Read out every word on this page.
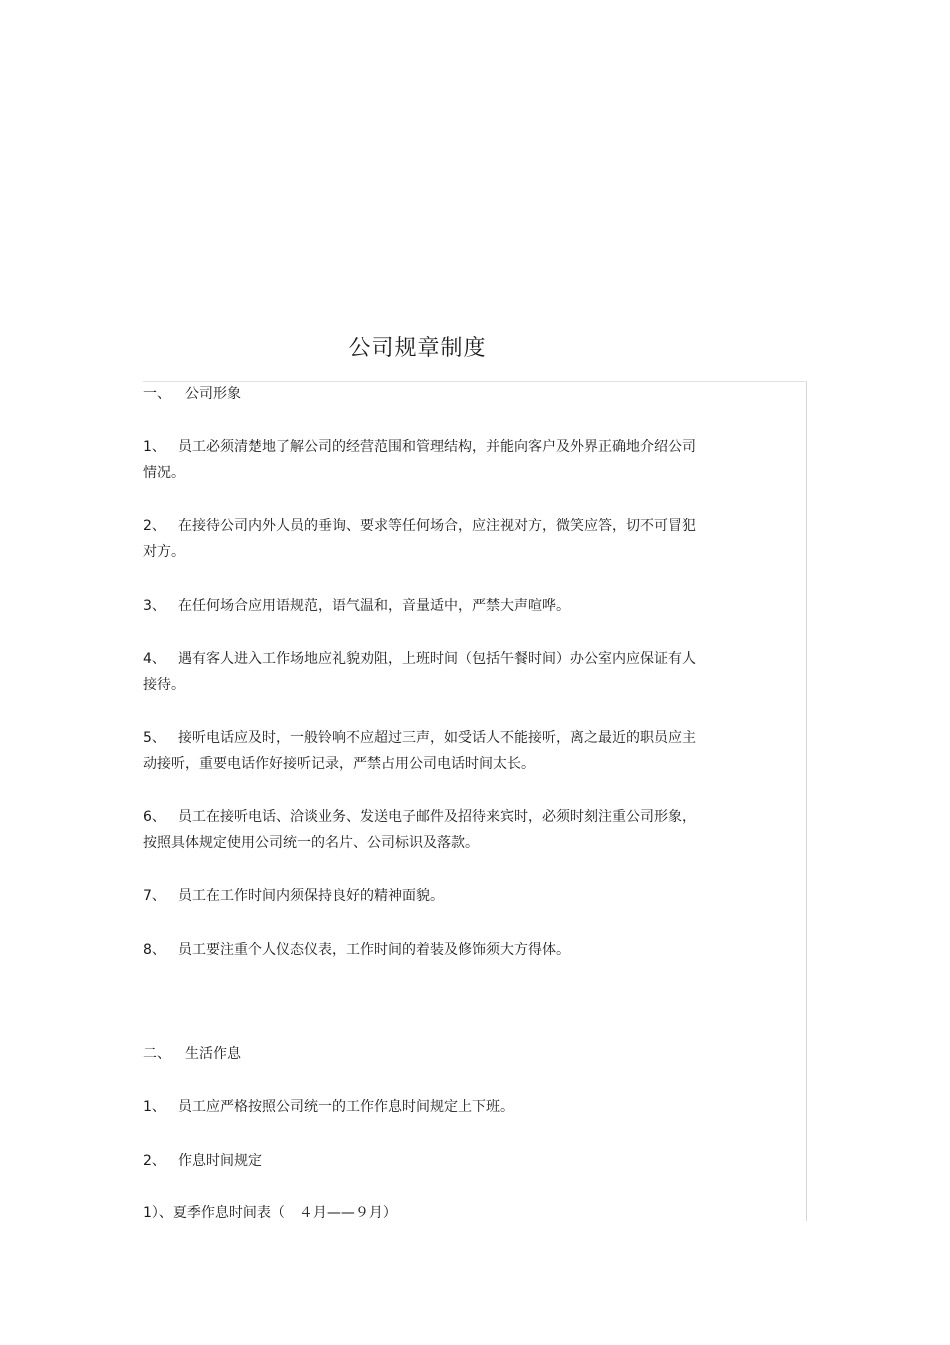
公司规章制度
一、 公司形象
1、 员工必须清楚地了解公司的经营范围和管理结构，并能向客户及外界正确地介绍公司
情况。
2、 在接待公司内外人员的垂询、要求等任何场合，应注视对方，微笑应答，切不可冒犯
对方。
3、 在任何场合应用语规范，语气温和，音量适中，严禁大声喧哗。
4、 遇有客人进入工作场地应礼貌劝阻，上班时间（包括午餐时间）办公室内应保证有人
接待。
5、 接听电话应及时，一般铃响不应超过三声，如受话人不能接听，离之最近的职员应主
动接听，重要电话作好接听记录，严禁占用公司电话时间太长。
6、 员工在接听电话、洽谈业务、发送电子邮件及招待来宾时，必须时刻注重公司形象，
按照具体规定使用公司统一的名片、公司标识及落款。
7、 员工在工作时间内须保持良好的精神面貌。
8、 员工要注重个人仪态仪表，工作时间的着装及修饰须大方得体。
二、 生活作息
1、 员工应严格按照公司统一的工作作息时间规定上下班。
2、 作息时间规定
1）、夏季作息时间表（　４月——９月）
